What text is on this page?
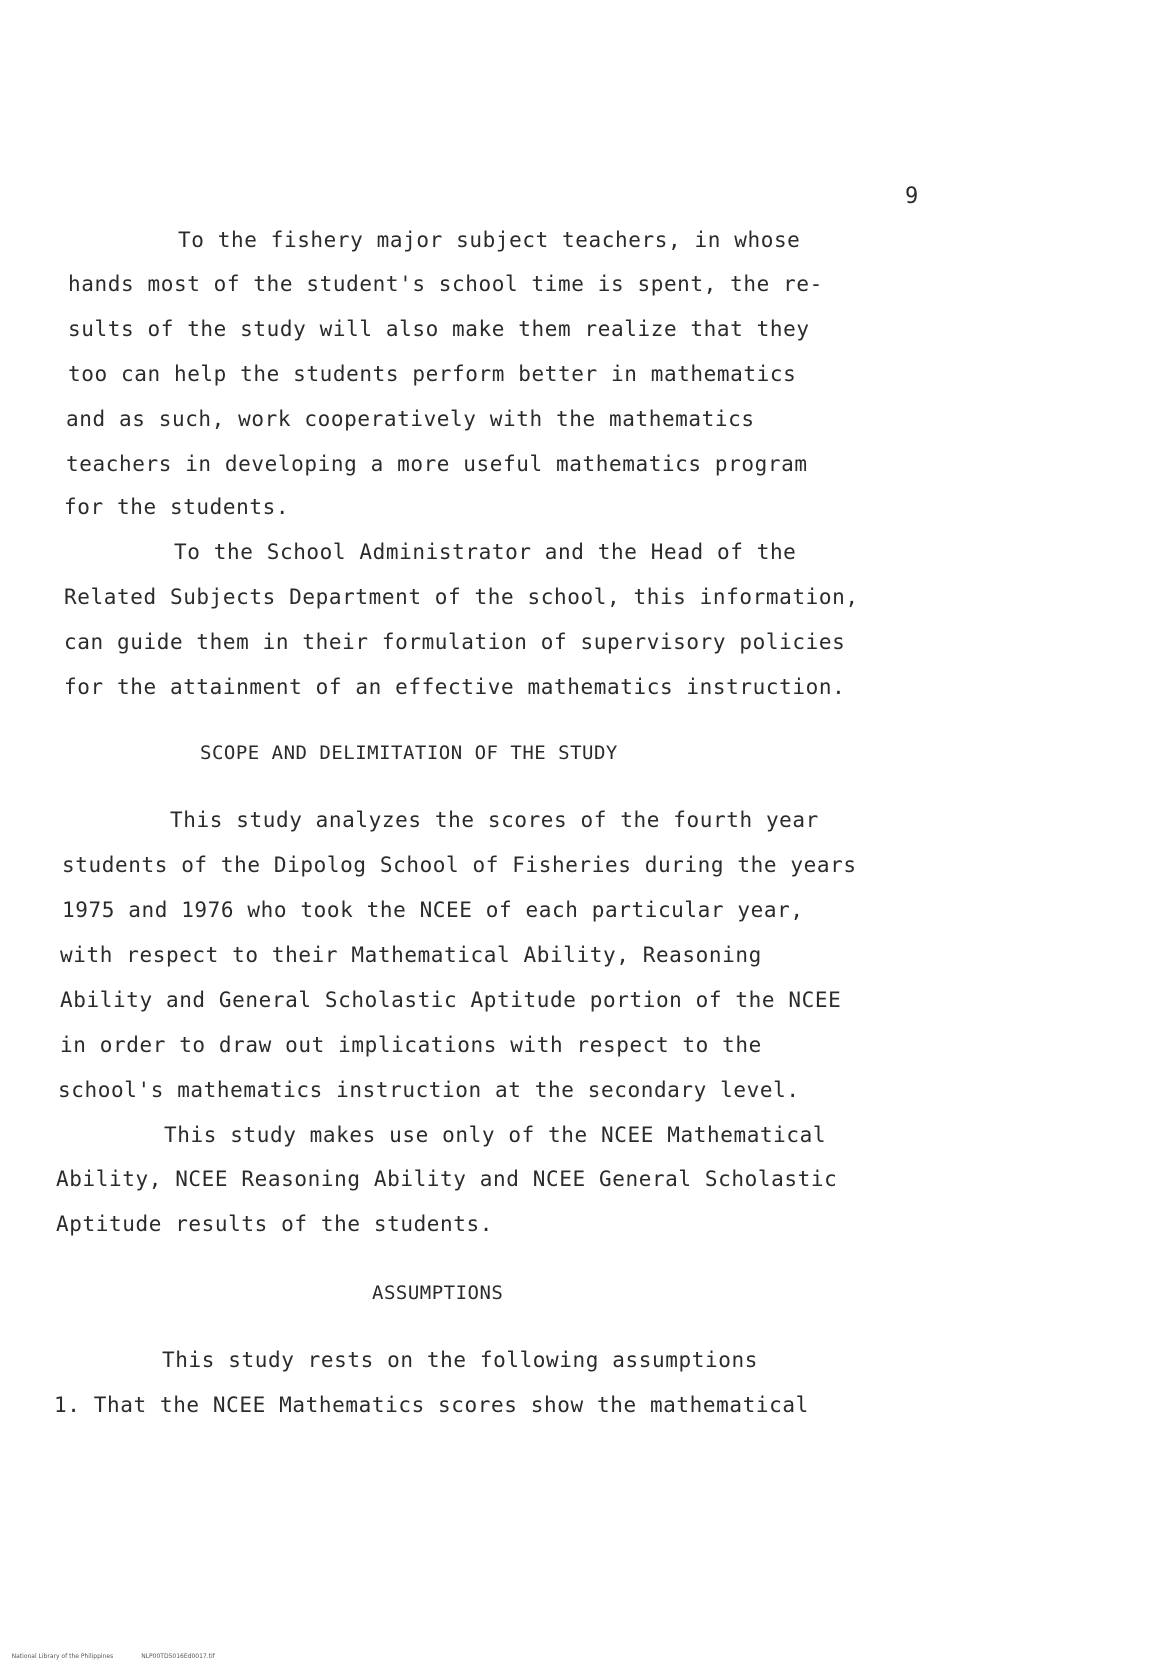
9
To the fishery major subject teachers, in whose
hands most of the student's school time is spent, the re-
sults of the study will also make them realize that they
too can help the students perform better in mathematics
and as such, work cooperatively with the mathematics
teachers in developing a more useful mathematics program
for the students.
To the School Administrator and the Head of the
Related Subjects Department of the school, this information,
can guide them in their formulation of supervisory policies
for the attainment of an effective mathematics instruction.
SCOPE AND DELIMITATION OF THE STUDY
This study analyzes the scores of the fourth year
students of the Dipolog School of Fisheries during the years
1975 and 1976 who took the NCEE of each particular year,
with respect to their Mathematical Ability, Reasoning
Ability and General Scholastic Aptitude portion of the NCEE
in order to draw out implications with respect to the
school's mathematics instruction at the secondary level.
This study makes use only of the NCEE Mathematical
Ability, NCEE Reasoning Ability and NCEE General Scholastic
Aptitude results of the students.
ASSUMPTIONS
This study rests on the following assumptions
1. That the NCEE Mathematics scores show the mathematical

National Library of the Philippines	NLP00TD5016Ed0017.tif
